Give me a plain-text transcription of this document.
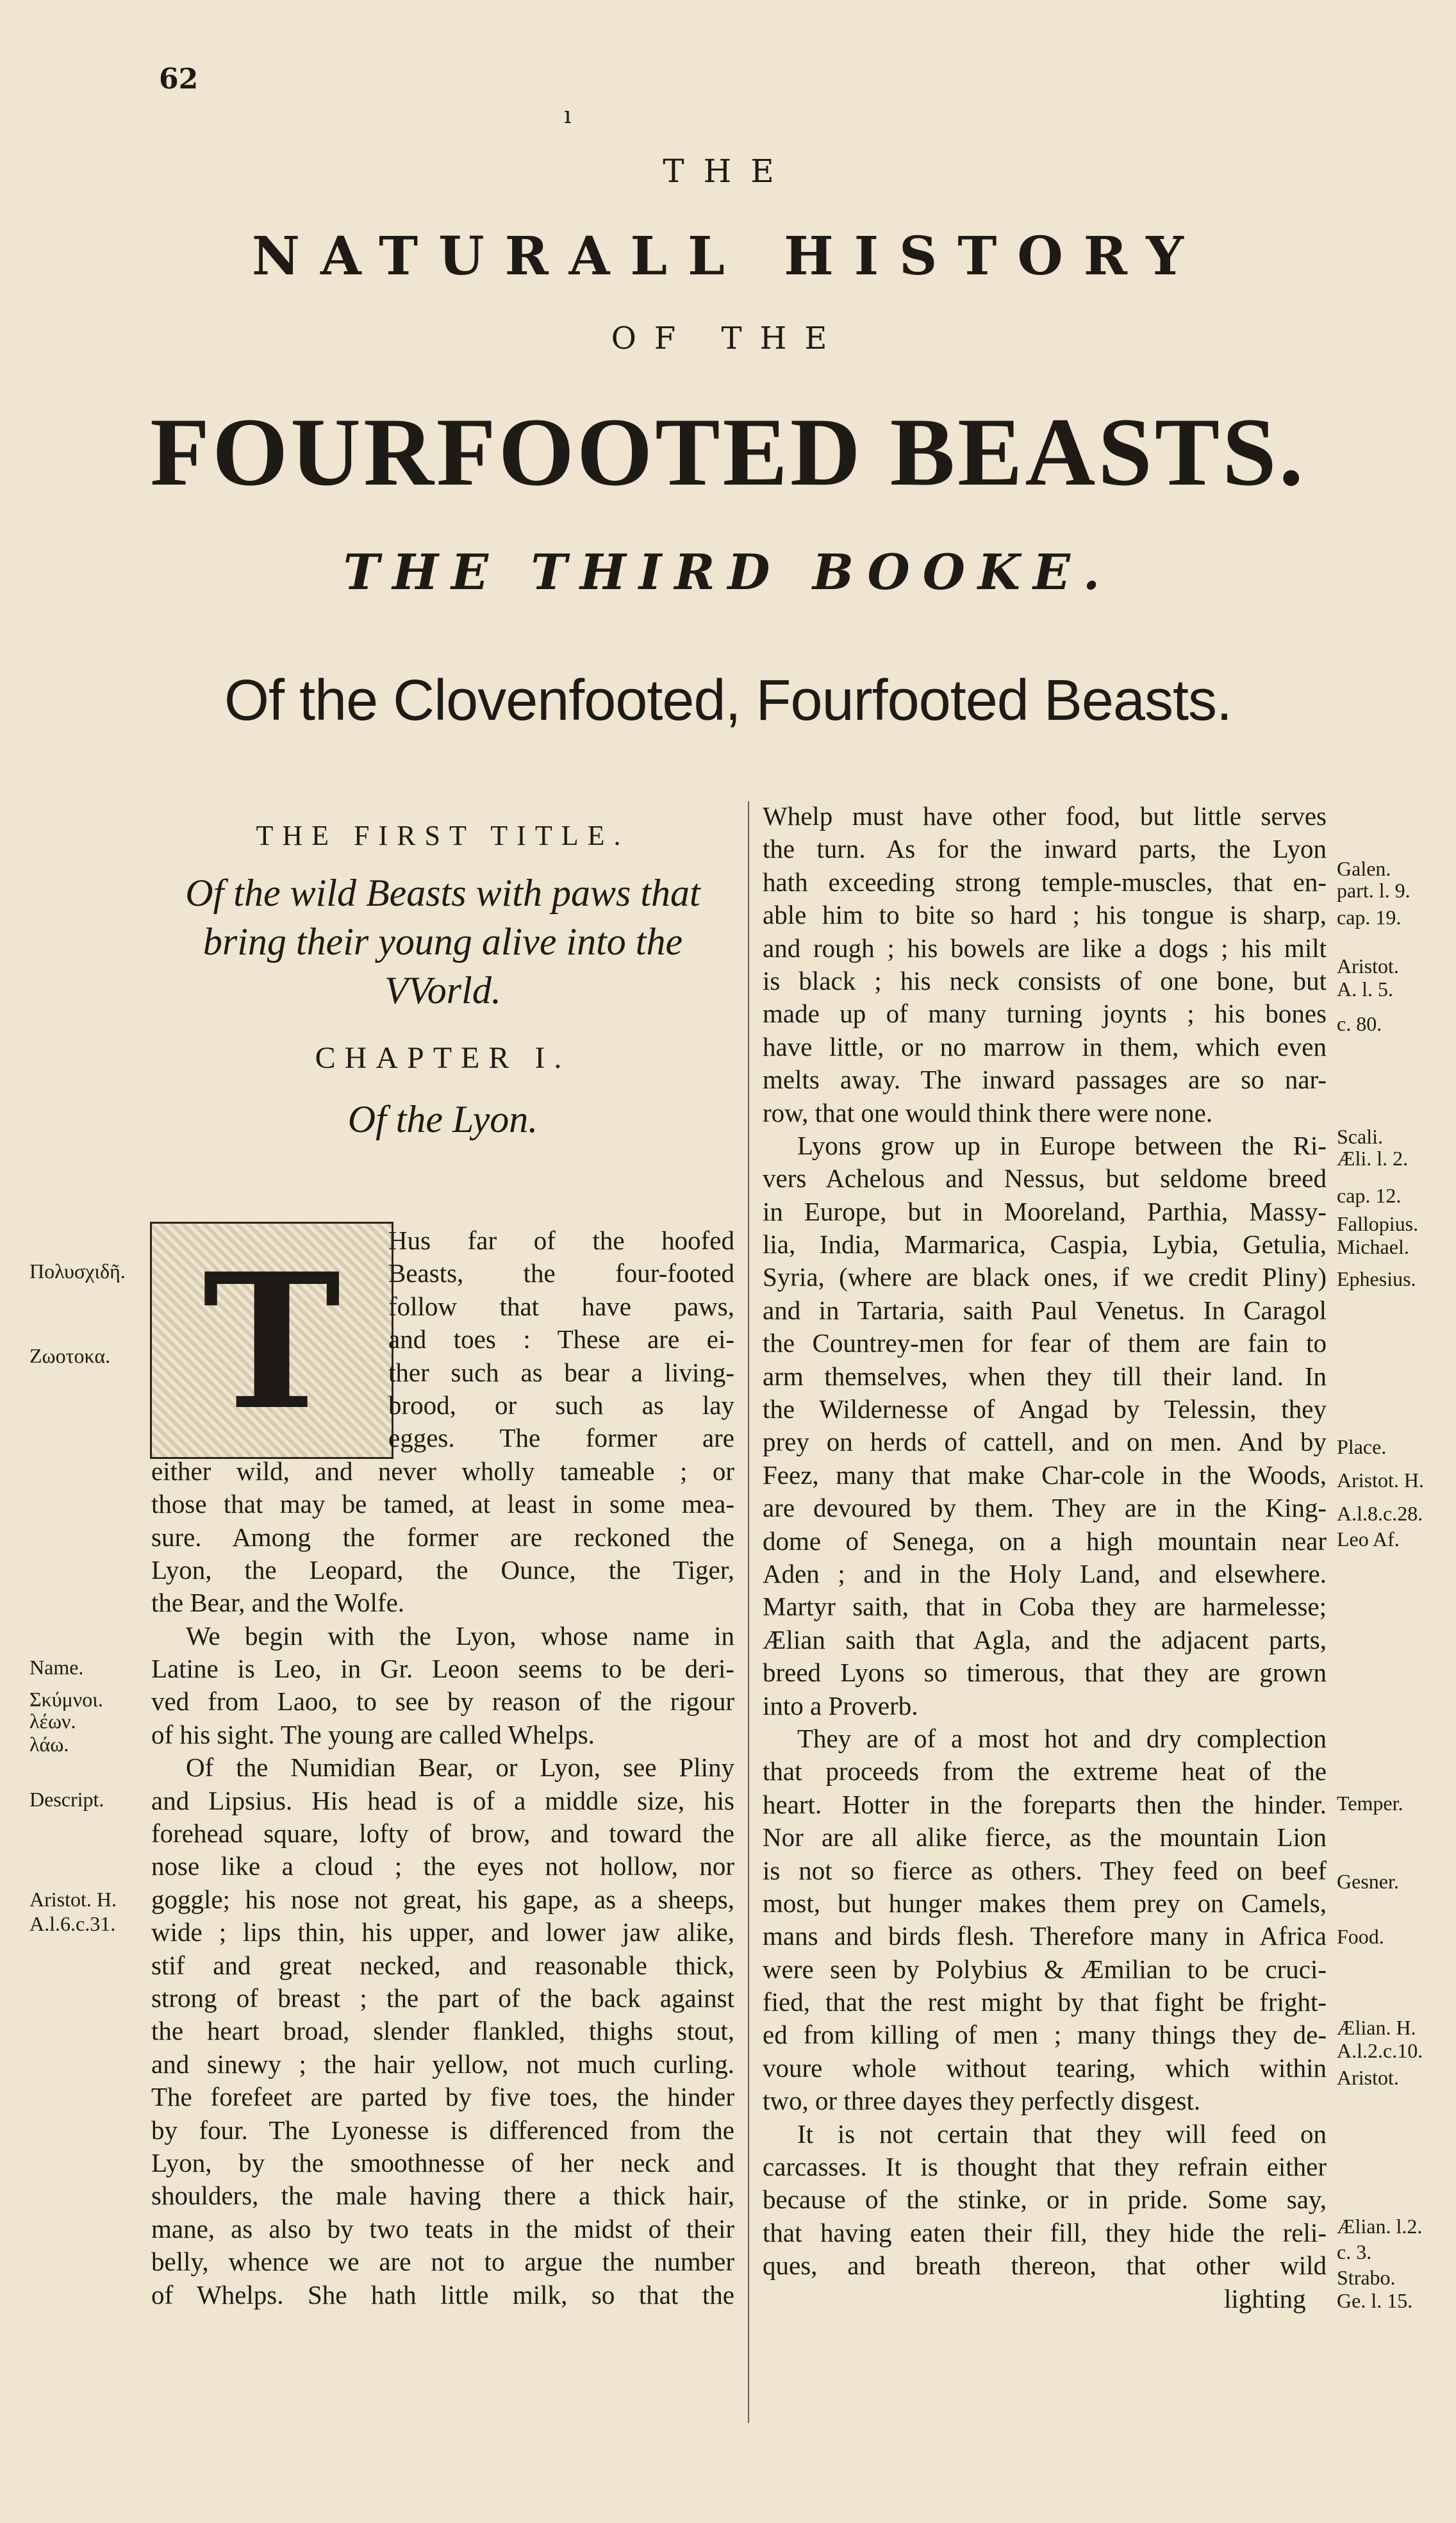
62
ı
THE
NATURALL HISTORY
OF THE
FOURFOOTED BEASTS.
THE THIRD BOOKE.
Of the Clovenfooted, Fourfooted Beasts.
THE FIRST TITLE.
Of the wild Beasts with paws that
bring their young alive into the
VVorld.
CHAPTER I.
Of the Lyon.
T	Hus far of the hoofed
Beasts, the four-footed
follow that have paws,
and toes : These are ei-
ther such as bear a living-
brood, or such as lay
egges. The former are
either wild, and never wholly tameable ; or
those that may be tamed, at least in some mea-
sure. Among the former are reckoned the
Lyon, the Leopard, the Ounce, the Tiger,
the Bear, and the Wolfe.
We begin with the Lyon, whose name in
Latine is Leo, in Gr. Leoon seems to be deri-
ved from Laoo, to see by reason of the rigour
of his sight. The young are called Whelps.
Of the Numidian Bear, or Lyon, see Pliny
and Lipsius. His head is of a middle size, his
forehead square, lofty of brow, and toward the
nose like a cloud ; the eyes not hollow, nor
goggle; his nose not great, his gape, as a sheeps,
wide ; lips thin, his upper, and lower jaw alike,
stif and great necked, and reasonable thick,
strong of breast ; the part of the back against
the heart broad, slender flankled, thighs stout,
and sinewy ; the hair yellow, not much curling.
The forefeet are parted by five toes, the hinder
by four. The Lyonesse is differenced from the
Lyon, by the smoothnesse of her neck and
shoulders, the male having there a thick hair,
mane, as also by two teats in the midst of their
belly, whence we are not to argue the number
of Whelps. She hath little milk, so that the
Whelp must have other food, but little serves
the turn. As for the inward parts, the Lyon
hath exceeding strong temple-muscles, that en-
able him to bite so hard ; his tongue is sharp,
and rough ; his bowels are like a dogs ; his milt
is black ; his neck consists of one bone, but
made up of many turning joynts ; his bones
have little, or no marrow in them, which even
melts away. The inward passages are so nar-
row, that one would think there were none.
Lyons grow up in Europe between the Ri-
vers Achelous and Nessus, but seldome breed
in Europe, but in Mooreland, Parthia, Massy-
lia, India, Marmarica, Caspia, Lybia, Getulia,
Syria, (where are black ones, if we credit Pliny)
and in Tartaria, saith Paul Venetus. In Caragol
the Countrey-men for fear of them are fain to
arm themselves, when they till their land. In
the Wildernesse of Angad by Telessin, they
prey on herds of cattell, and on men. And by
Feez, many that make Char-cole in the Woods,
are devoured by them. They are in the King-
dome of Senega, on a high mountain near
Aden ; and in the Holy Land, and elsewhere.
Martyr saith, that in Coba they are harmelesse;
Ælian saith that Agla, and the adjacent parts,
breed Lyons so timerous, that they are grown
into a Proverb.
They are of a most hot and dry complection
that proceeds from the extreme heat of the
heart. Hotter in the foreparts then the hinder.
Nor are all alike fierce, as the mountain Lion
is not so fierce as others. They feed on beef
most, but hunger makes them prey on Camels,
mans and birds flesh. Therefore many in Africa
were seen by Polybius & Æmilian to be cruci-
fied, that the rest might by that fight be fright-
ed from killing of men ; many things they de-
voure whole without tearing, which within
two, or three dayes they perfectly disgest.
It is not certain that they will feed on
carcasses. It is thought that they refrain either
because of the stinke, or in pride. Some say,
that having eaten their fill, they hide the reli-
ques, and breath thereon, that other wild
lighting
Πολυσχιδῆ.
Ζωοτοκα.
Name.
Σκύμνοι.
λέων.
λάω.
Descript.
Aristot. H.
A.l.6.c.31.
Galen.
part. l. 9.
cap. 19.
Aristot.
A. l. 5.
c. 80.
Scali.
Æli. l. 2.
cap. 12.
Fallopius.
Michael.
Ephesius.
Place.
Aristot. H.
A.l.8.c.28.
Leo Af.
Temper.
Gesner.
Food.
Ælian. H.
A.l.2.c.10.
Aristot.
Ælian. l.2.
c. 3.
Strabo.
Ge. l. 15.
